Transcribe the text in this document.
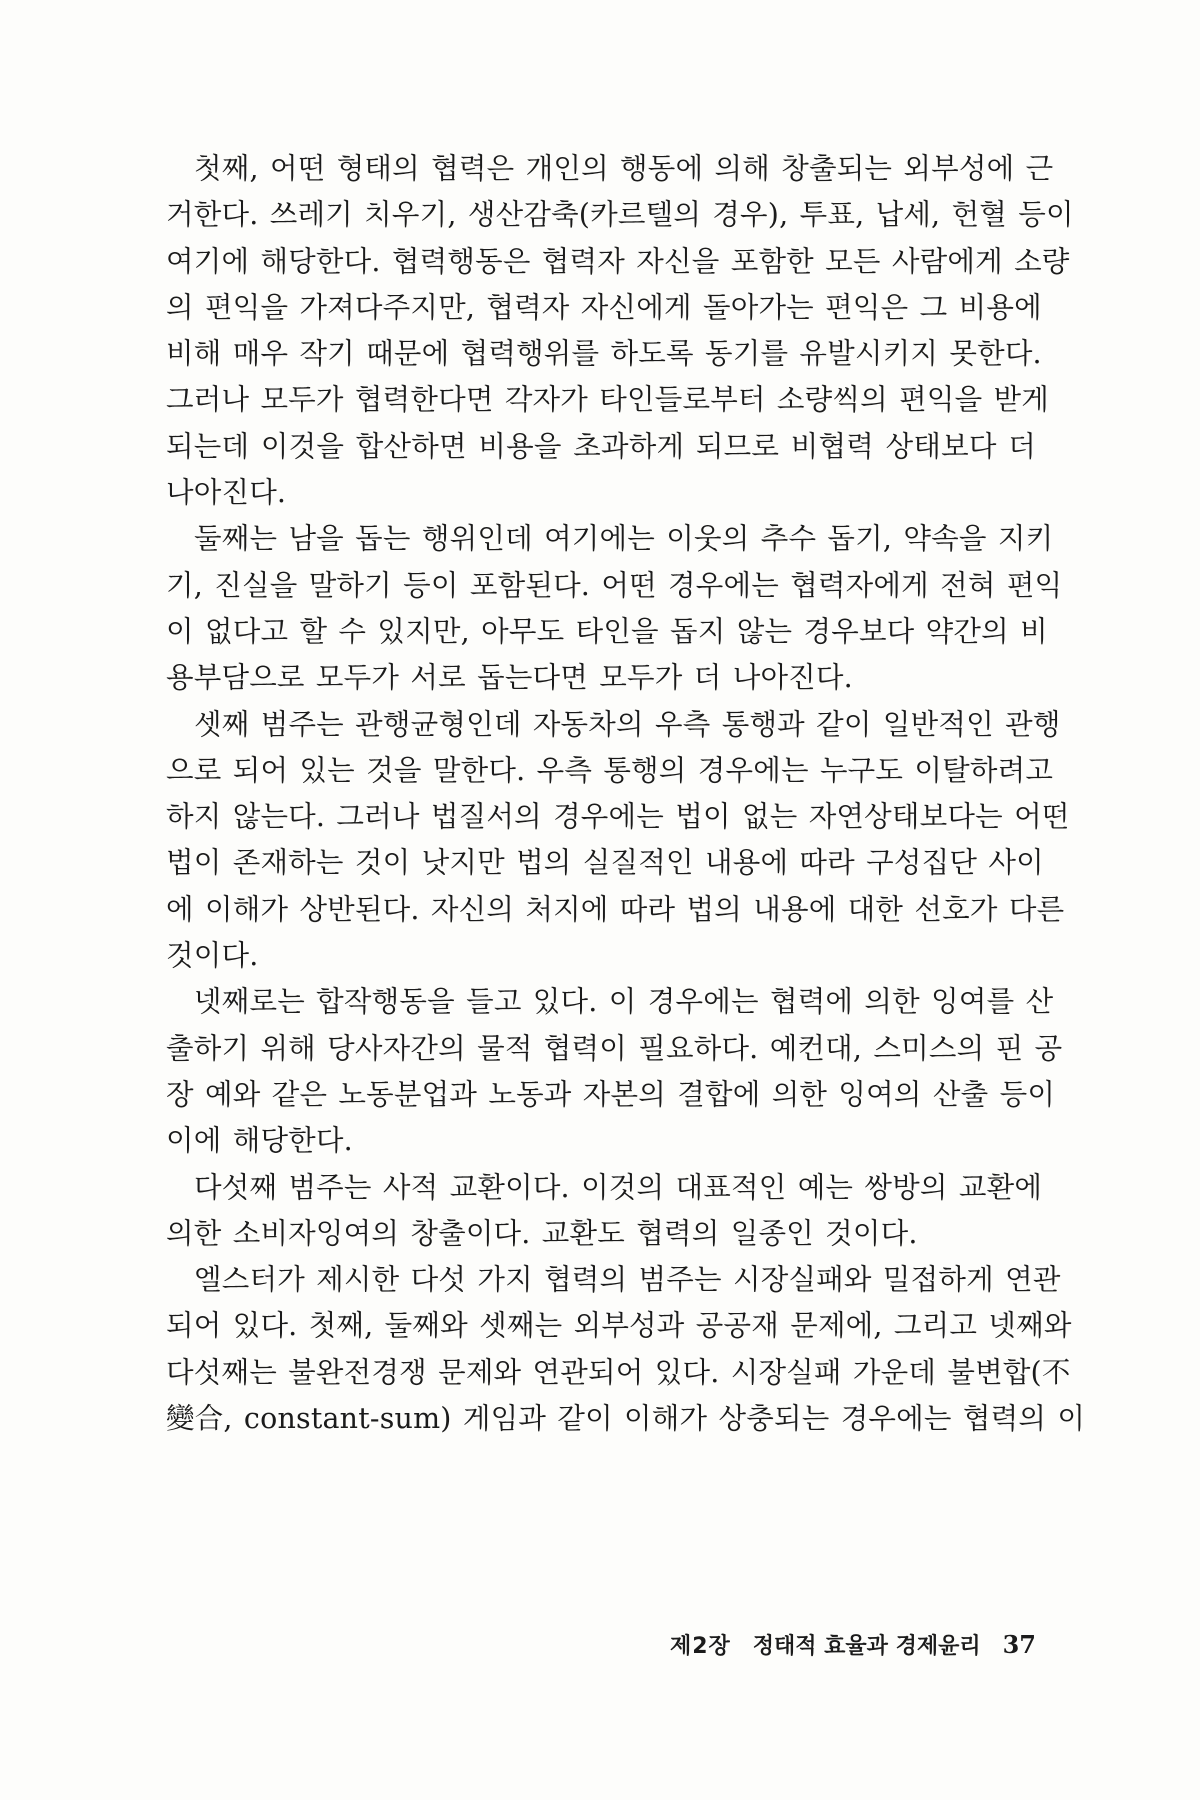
첫째, 어떤 형태의 협력은 개인의 행동에 의해 창출되는 외부성에 근
거한다. 쓰레기 치우기, 생산감축(카르텔의 경우), 투표, 납세, 헌혈 등이
여기에 해당한다. 협력행동은 협력자 자신을 포함한 모든 사람에게 소량
의 편익을 가져다주지만, 협력자 자신에게 돌아가는 편익은 그 비용에
비해 매우 작기 때문에 협력행위를 하도록 동기를 유발시키지 못한다.
그러나 모두가 협력한다면 각자가 타인들로부터 소량씩의 편익을 받게
되는데 이것을 합산하면 비용을 초과하게 되므로 비협력 상태보다 더
나아진다.
둘째는 남을 돕는 행위인데 여기에는 이웃의 추수 돕기, 약속을 지키
기, 진실을 말하기 등이 포함된다. 어떤 경우에는 협력자에게 전혀 편익
이 없다고 할 수 있지만, 아무도 타인을 돕지 않는 경우보다 약간의 비
용부담으로 모두가 서로 돕는다면 모두가 더 나아진다.
셋째 범주는 관행균형인데 자동차의 우측 통행과 같이 일반적인 관행
으로 되어 있는 것을 말한다. 우측 통행의 경우에는 누구도 이탈하려고
하지 않는다. 그러나 법질서의 경우에는 법이 없는 자연상태보다는 어떤
법이 존재하는 것이 낫지만 법의 실질적인 내용에 따라 구성집단 사이
에 이해가 상반된다. 자신의 처지에 따라 법의 내용에 대한 선호가 다른
것이다.
넷째로는 합작행동을 들고 있다. 이 경우에는 협력에 의한 잉여를 산
출하기 위해 당사자간의 물적 협력이 필요하다. 예컨대, 스미스의 핀 공
장 예와 같은 노동분업과 노동과 자본의 결합에 의한 잉여의 산출 등이
이에 해당한다.
다섯째 범주는 사적 교환이다. 이것의 대표적인 예는 쌍방의 교환에
의한 소비자잉여의 창출이다. 교환도 협력의 일종인 것이다.
엘스터가 제시한 다섯 가지 협력의 범주는 시장실패와 밀접하게 연관
되어 있다. 첫째, 둘째와 셋째는 외부성과 공공재 문제에, 그리고 넷째와
다섯째는 불완전경쟁 문제와 연관되어 있다. 시장실패 가운데 불변합(不
變合, constant-sum) 게임과 같이 이해가 상충되는 경우에는 협력의 이
제2장 정태적 효율과 경제윤리 37
